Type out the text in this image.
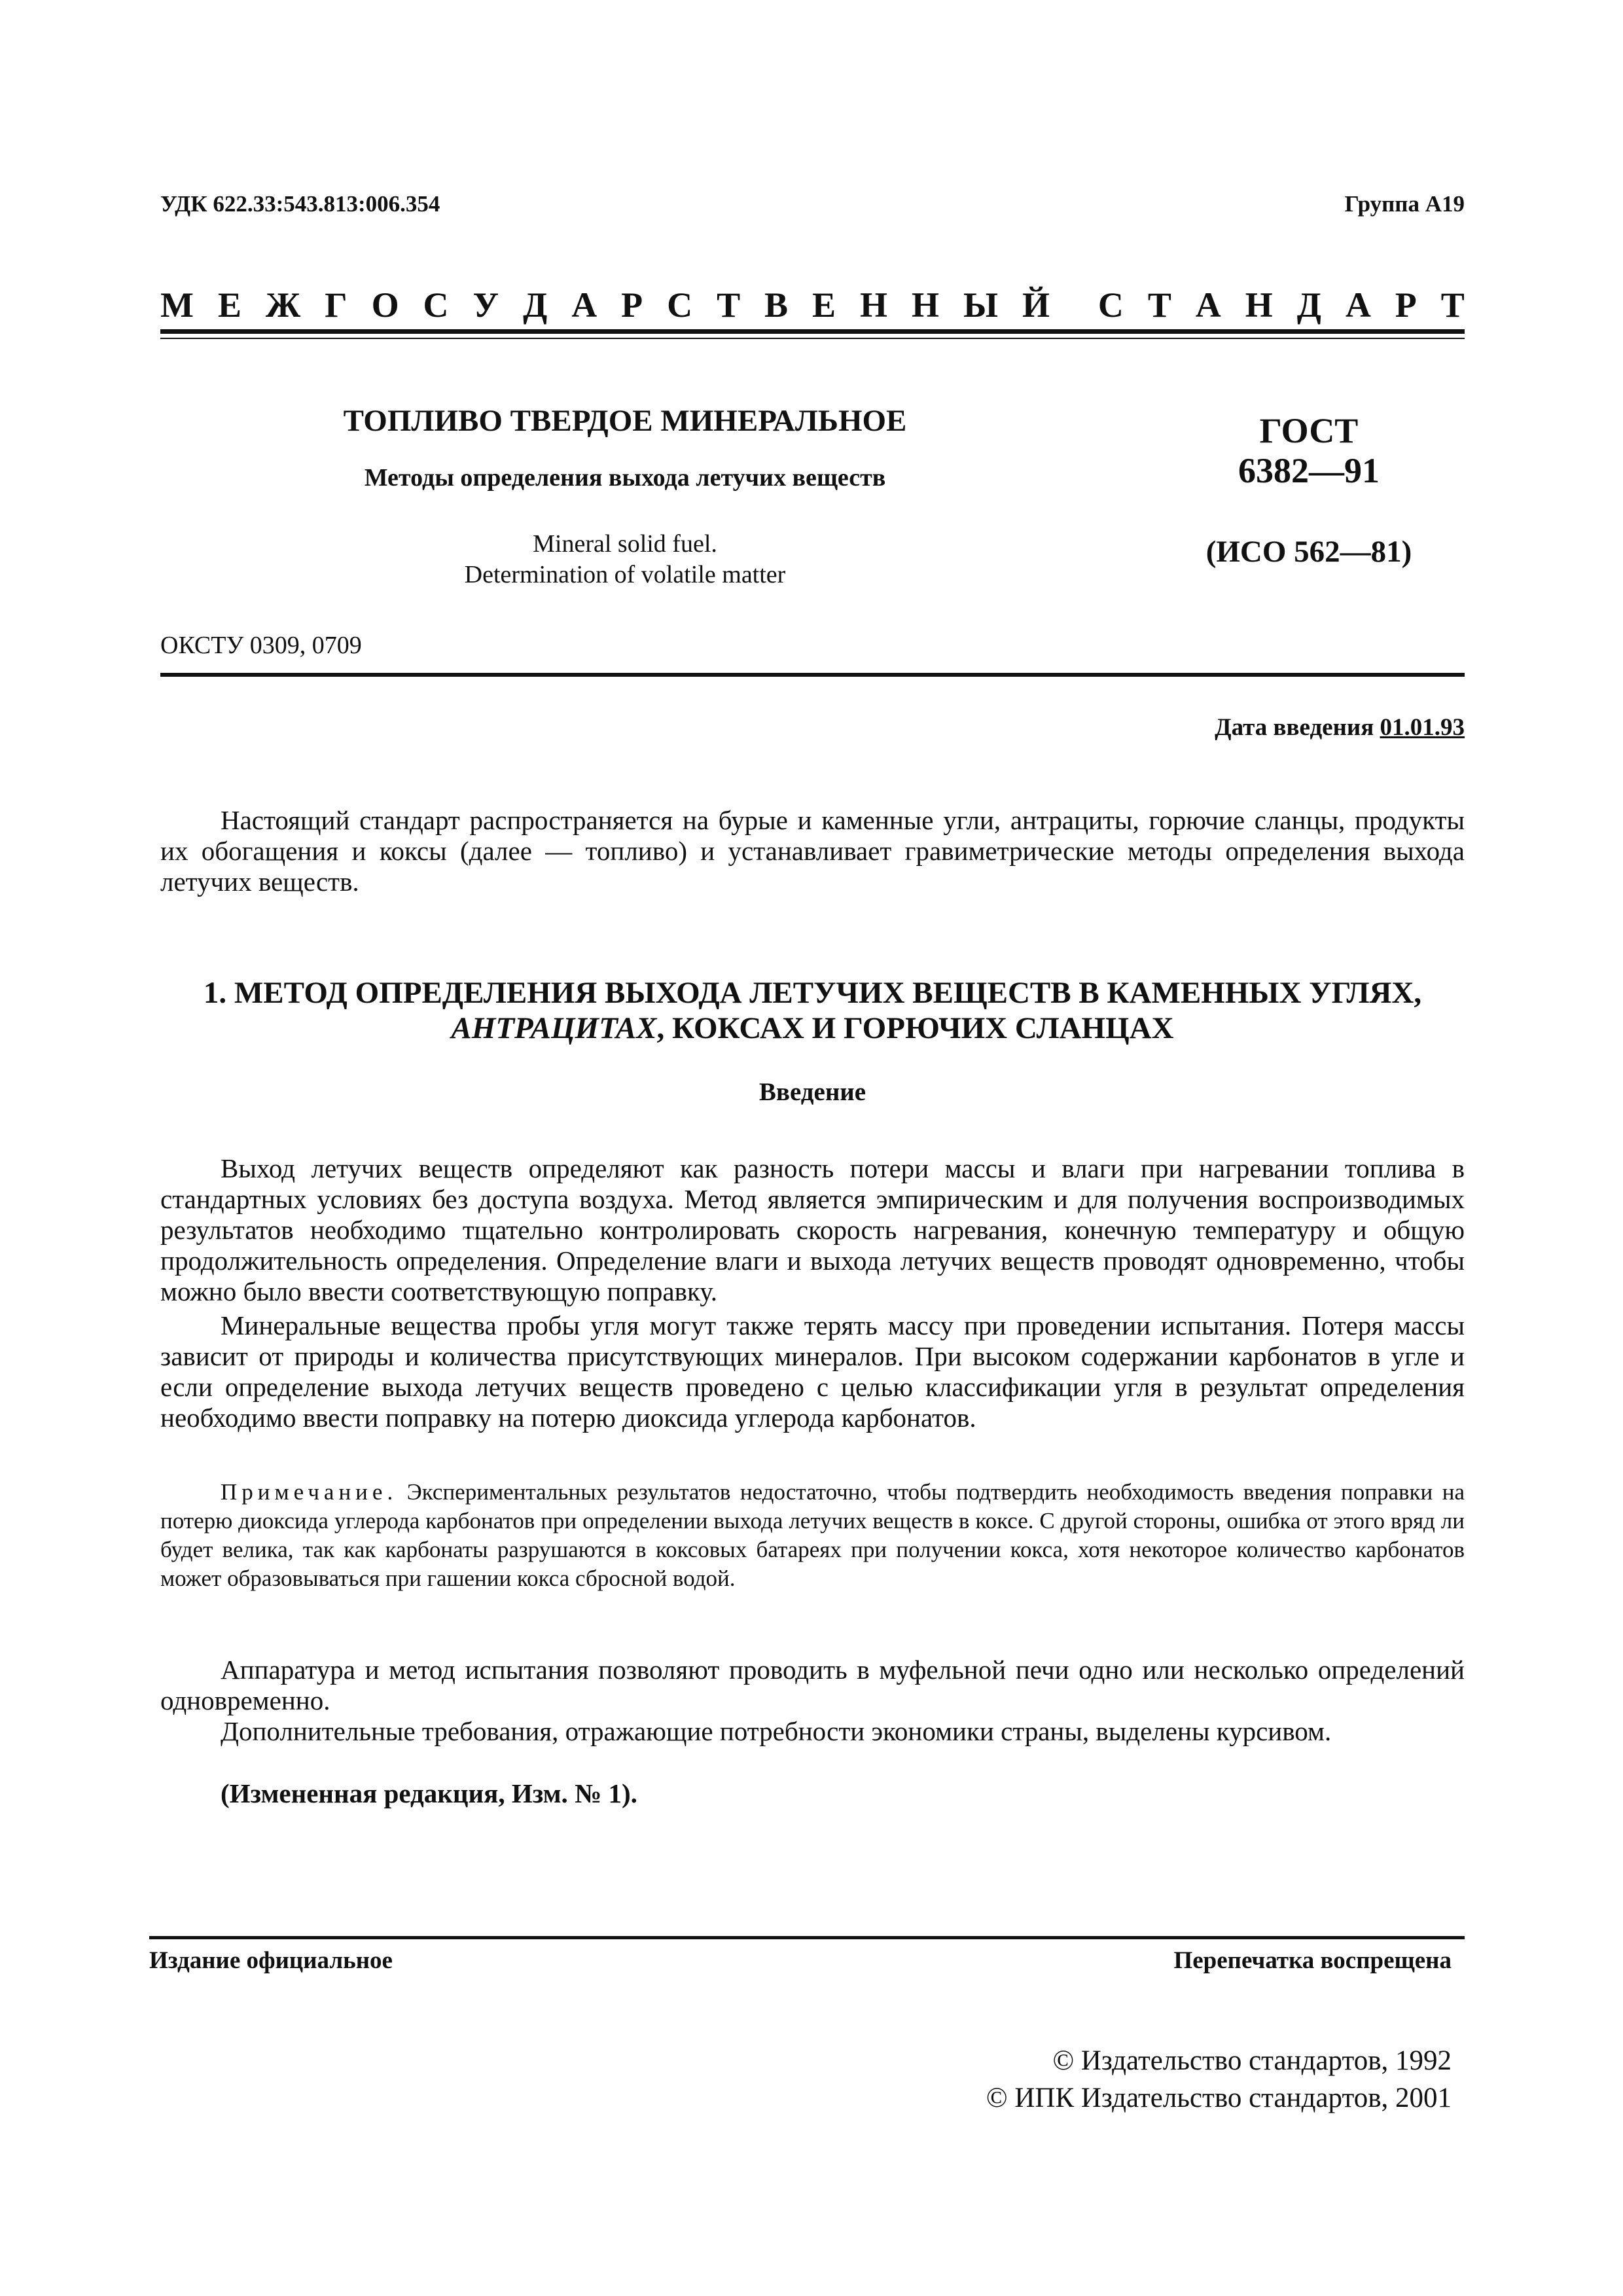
УДК 622.33:543.813:006.354	Группа А19
М Е Ж Г О С У Д А Р С Т В Е Н Н Ы Й С Т А Н Д А Р Т
ТОПЛИВО ТВЕРДОЕ МИНЕРАЛЬНОЕ
Методы определения выхода летучих веществ
Mineral solid fuel.
Determination of volatile matter
ГОСТ
6382—91
(ИСО 562—81)
ОКСТУ 0309, 0709
Дата введения 01.01.93
Настоящий стандарт распространяется на бурые и каменные угли, антрациты, горючие сланцы, продукты их обогащения и коксы (далее — топливо) и устанавливает гравиметрические методы определения выхода летучих веществ.
1. МЕТОД ОПРЕДЕЛЕНИЯ ВЫХОДА ЛЕТУЧИХ ВЕЩЕСТВ В КАМЕННЫХ УГЛЯХ,
АНТРАЦИТАХ, КОКСАХ И ГОРЮЧИХ СЛАНЦАХ
Введение
Выход летучих веществ определяют как разность потери массы и влаги при нагревании топлива в стандартных условиях без доступа воздуха. Метод является эмпирическим и для получения воспроизводимых результатов необходимо тщательно контролировать скорость нагревания, конечную температуру и общую продолжительность определения. Определение влаги и выхода летучих веществ проводят одновременно, чтобы можно было ввести соответствующую поправку.
Минеральные вещества пробы угля могут также терять массу при проведении испытания. Потеря массы зависит от природы и количества присутствующих минералов. При высоком содержании карбонатов в угле и если определение выхода летучих веществ проведено с целью классификации угля в результат определения необходимо ввести поправку на потерю диоксида углерода карбонатов.
Примечание. Экспериментальных результатов недостаточно, чтобы подтвердить необходимость введения поправки на потерю диоксида углерода карбонатов при определении выхода летучих веществ в коксе. С другой стороны, ошибка от этого вряд ли будет велика, так как карбонаты разрушаются в коксовых батареях при получении кокса, хотя некоторое количество карбонатов может образовываться при гашении кокса сбросной водой.
Аппаратура и метод испытания позволяют проводить в муфельной печи одно или несколько определений одновременно.
Дополнительные требования, отражающие потребности экономики страны, выделены курсивом.
(Измененная редакция, Изм. № 1).
Издание официальное	Перепечатка воспрещена
© Издательство стандартов, 1992
© ИПК Издательство стандартов, 2001
